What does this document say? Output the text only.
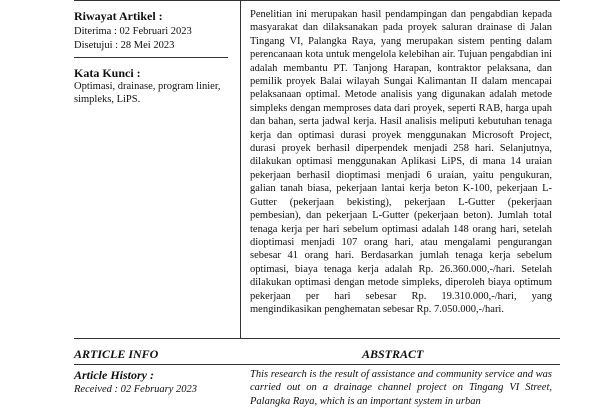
Riwayat Artikel :
Diterima : 02 Februari 2023
Disetujui : 28 Mei 2023
Kata Kunci :
Optimasi, drainase, program linier, simpleks, LiPS.
Penelitian ini merupakan hasil pendampingan dan pengabdian kepada masyarakat dan dilaksanakan pada proyek saluran drainase di Jalan Tingang VI, Palangka Raya, yang merupakan sistem penting dalam perencanaan kota untuk mengelola kelebihan air. Tujuan pengabdian ini adalah membantu PT. Tanjong Harapan, kontraktor pelaksana, dan pemilik proyek Balai wilayah Sungai Kalimantan II dalam mencapai pelaksanaan optimal. Metode analisis yang digunakan adalah metode simpleks dengan memproses data dari proyek, seperti RAB, harga upah dan bahan, serta jadwal kerja. Hasil analisis meliputi kebutuhan tenaga kerja dan optimasi durasi proyek menggunakan Microsoft Project, durasi proyek berhasil diperpendek menjadi 258 hari. Selanjutnya, dilakukan optimasi menggunakan Aplikasi LiPS, di mana 14 uraian pekerjaan berhasil dioptimasi menjadi 6 uraian, yaitu pengukuran, galian tanah biasa, pekerjaan lantai kerja beton K-100, pekerjaan L-Gutter (pekerjaan bekisting), pekerjaan L-Gutter (pekerjaan pembesian), dan pekerjaan L-Gutter (pekerjaan beton). Jumlah total tenaga kerja per hari sebelum optimasi adalah 148 orang hari, setelah dioptimasi menjadi 107 orang hari, atau mengalami pengurangan sebesar 41 orang hari. Berdasarkan jumlah tenaga kerja sebelum optimasi, biaya tenaga kerja adalah Rp. 26.360.000,-/hari. Setelah dilakukan optimasi dengan metode simpleks, diperoleh biaya optimum pekerjaan per hari sebesar Rp. 19.310.000,-/hari, yang mengindikasikan penghematan sebesar Rp. 7.050.000,-/hari.
ARTICLE INFO	ABSTRACT
Article History :
Received : 02 February 2023
This research is the result of assistance and community service and was carried out on a drainage channel project on Tingang VI Street, Palangka Raya, which is an important system in urban
